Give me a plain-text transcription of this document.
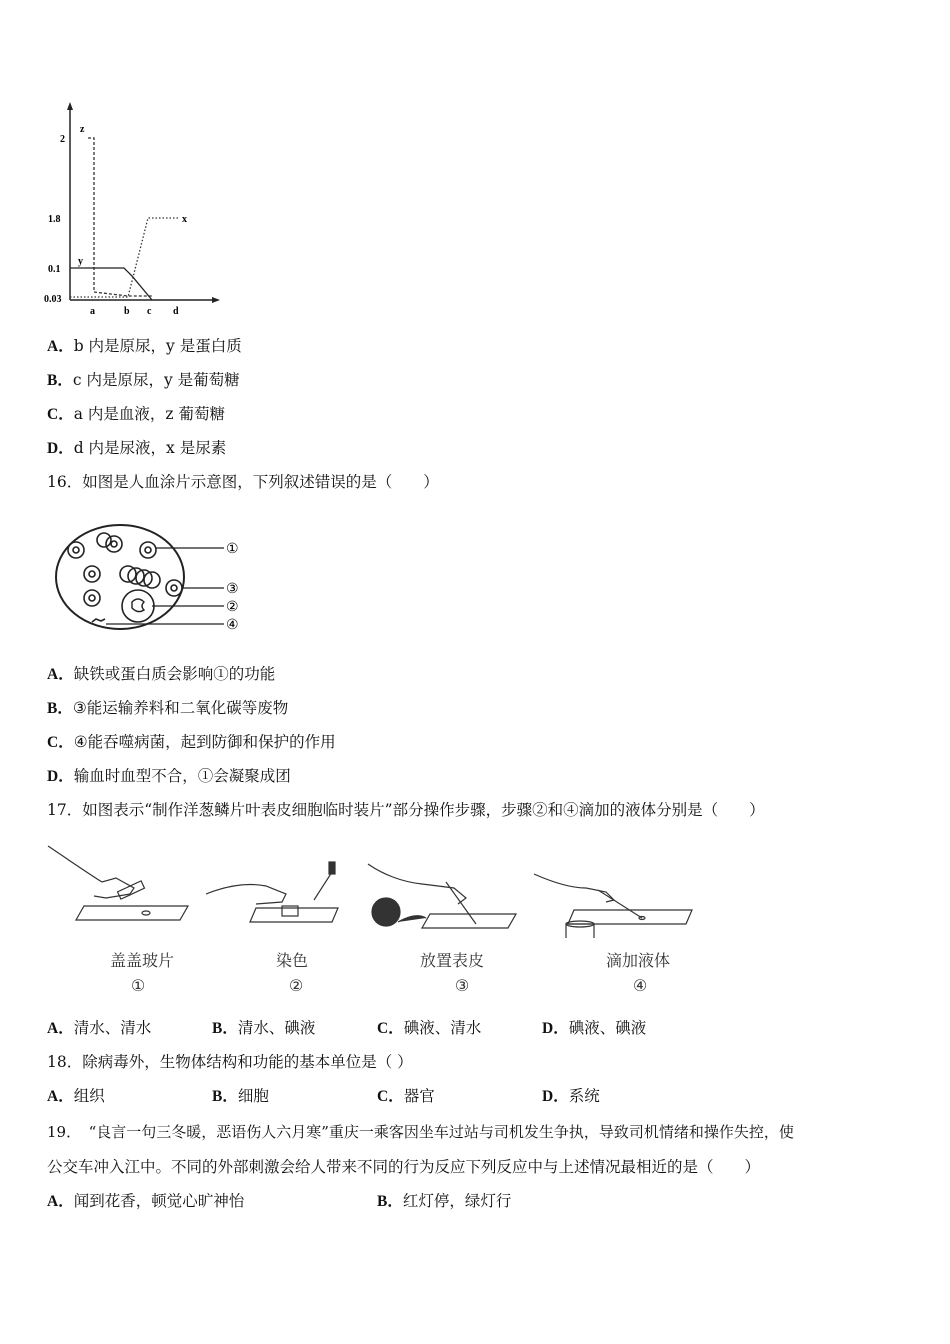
2
1.8
0.1
0.03
a	b c d
z
x
y
A．b 内是原尿，y 是蛋白质
B．c 内是原尿，y 是葡萄糖
C．a 内是血液，z 葡萄糖
D．d 内是尿液，x 是尿素
16．如图是人血涂片示意图，下列叙述错误的是（　　）
①
③
②
④
A．缺铁或蛋白质会影响①的功能
B．③能运输养料和二氧化碳等废物
C．④能吞噬病菌，起到防御和保护的作用
D．输血时血型不合，①会凝聚成团
17．如图表示“制作洋葱鳞片叶表皮细胞临时装片”部分操作步骤，步骤②和④滴加的液体分别是（　　）
盖盖玻片	染色	放置表皮	滴加液体
①	②	③	④
A．清水、清水	B．清水、碘液	C．碘液、清水	D．碘液、碘液
18．除病毒外，生物体结构和功能的基本单位是（ ）
A．组织	B．细胞	C．器官	D．系统
19．　“良言一句三冬暖，恶语伤人六月寒”重庆一乘客因坐车过站与司机发生争执，导致司机情绪和操作失控，使
公交车冲入江中。不同的外部刺激会给人带来不同的行为反应下列反应中与上述情况最相近的是（　　）
A．闻到花香，顿觉心旷神怡	B．红灯停，绿灯行
